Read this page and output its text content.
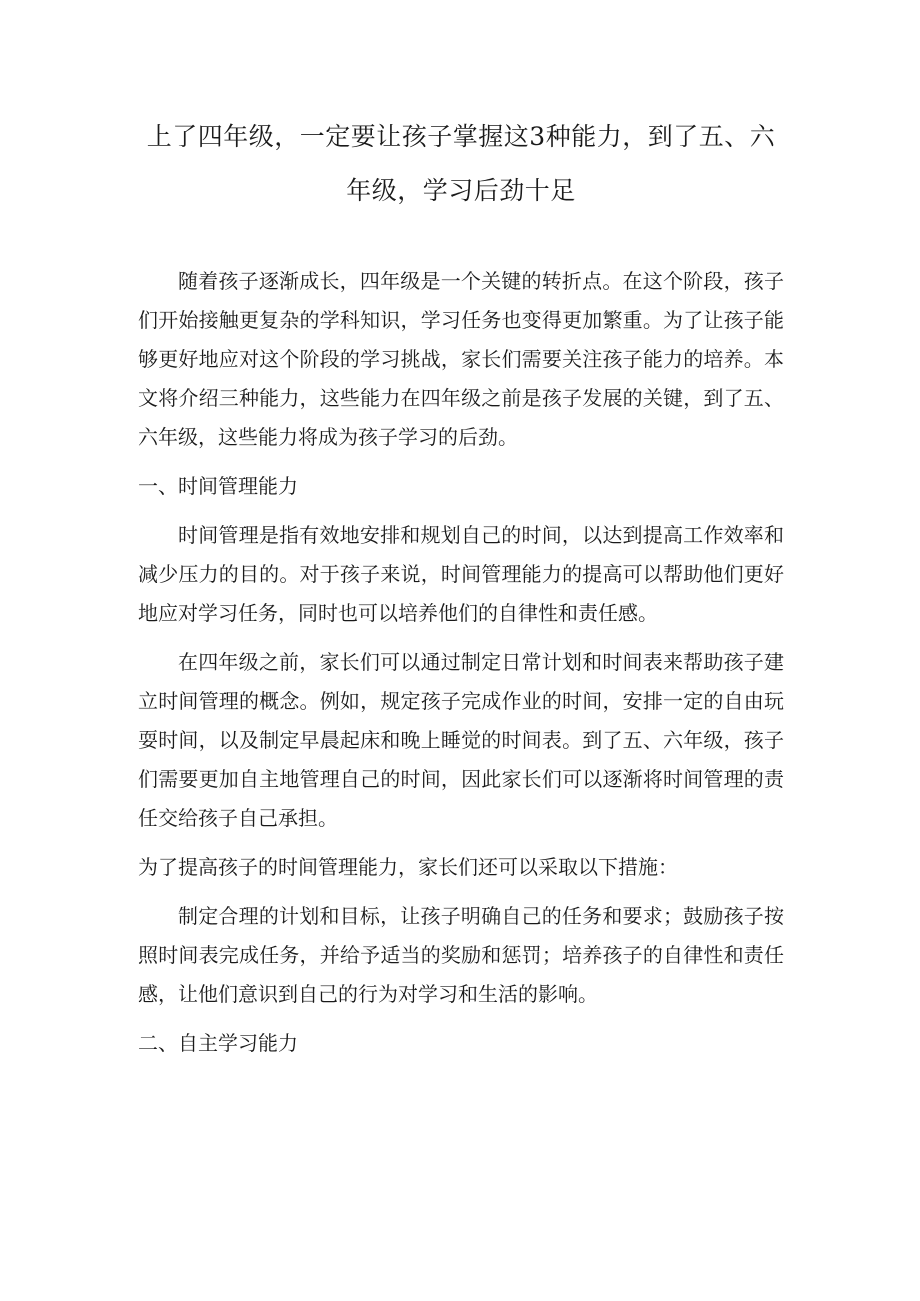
上了四年级，一定要让孩子掌握这3种能力，到了五、六
年级，学习后劲十足

随着孩子逐渐成长，四年级是一个关键的转折点。在这个阶段，孩子们开始接触更复杂的学科知识，学习任务也变得更加繁重。为了让孩子能够更好地应对这个阶段的学习挑战，家长们需要关注孩子能力的培养。本文将介绍三种能力，这些能力在四年级之前是孩子发展的关键，到了五、六年级，这些能力将成为孩子学习的后劲。

一、时间管理能力

时间管理是指有效地安排和规划自己的时间，以达到提高工作效率和减少压力的目的。对于孩子来说，时间管理能力的提高可以帮助他们更好地应对学习任务，同时也可以培养他们的自律性和责任感。

在四年级之前，家长们可以通过制定日常计划和时间表来帮助孩子建立时间管理的概念。例如，规定孩子完成作业的时间，安排一定的自由玩耍时间，以及制定早晨起床和晚上睡觉的时间表。到了五、六年级，孩子们需要更加自主地管理自己的时间，因此家长们可以逐渐将时间管理的责任交给孩子自己承担。

为了提高孩子的时间管理能力，家长们还可以采取以下措施：

制定合理的计划和目标，让孩子明确自己的任务和要求；鼓励孩子按照时间表完成任务，并给予适当的奖励和惩罚；培养孩子的自律性和责任感，让他们意识到自己的行为对学习和生活的影响。

二、自主学习能力
